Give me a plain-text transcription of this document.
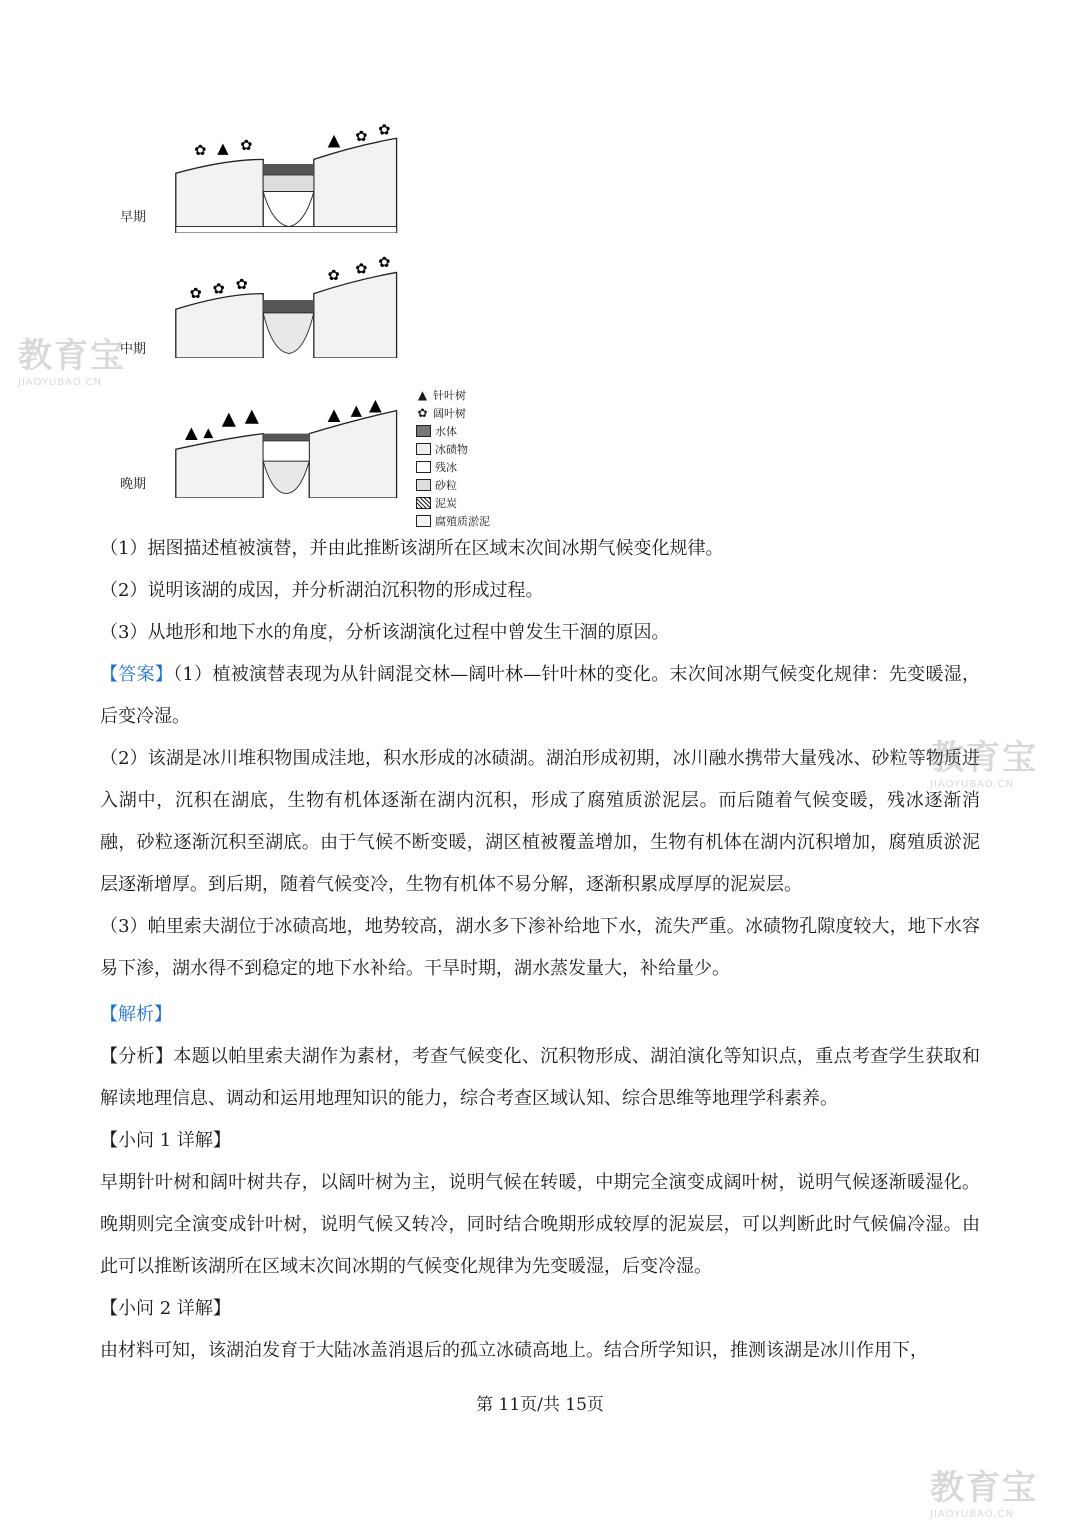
早期
✿ ▲ ✿	▲ ✿ ✿
中期
✿ ✿ ✿
✿ ✿ ✿
晚期
▲ ▲
▲ ▲	▲ ▲ ▲
▲ 针叶树
✿ 阔叶树
水体
冰碛物
残冰
砂粒
泥炭
腐殖质淤泥

（1）据图描述植被演替，并由此推断该湖所在区域末次间冰期气候变化规律。

（2）说明该湖的成因，并分析湖泊沉积物的形成过程。

（3）从地形和地下水的角度，分析该湖演化过程中曾发生干涸的原因。

【答案】（1）植被演替表现为从针阔混交林—阔叶林—针叶林的变化。末次间冰期气候变化规律：先变暖湿，后变冷湿。

（2）该湖是冰川堆积物围成洼地，积水形成的冰碛湖。湖泊形成初期，冰川融水携带大量残冰、砂粒等物质进入湖中，沉积在湖底，生物有机体逐渐在湖内沉积，形成了腐殖质淤泥层。而后随着气候变暖，残冰逐渐消融，砂粒逐渐沉积至湖底。由于气候不断变暖，湖区植被覆盖增加，生物有机体在湖内沉积增加，腐殖质淤泥层逐渐增厚。到后期，随着气候变冷，生物有机体不易分解，逐渐积累成厚厚的泥炭层。

（3）帕里索夫湖位于冰碛高地，地势较高，湖水多下渗补给地下水，流失严重。冰碛物孔隙度较大，地下水容易下渗，湖水得不到稳定的地下水补给。干旱时期，湖水蒸发量大，补给量少。

【解析】

【分析】本题以帕里索夫湖作为素材，考查气候变化、沉积物形成、湖泊演化等知识点，重点考查学生获取和解读地理信息、调动和运用地理知识的能力，综合考查区域认知、综合思维等地理学科素养。

【小问 1 详解】

早期针叶树和阔叶树共存，以阔叶树为主，说明气候在转暖，中期完全演变成阔叶树，说明气候逐渐暖湿化。晚期则完全演变成针叶树，说明气候又转冷，同时结合晚期形成较厚的泥炭层，可以判断此时气候偏冷湿。由此可以推断该湖所在区域末次间冰期的气候变化规律为先变暖湿，后变冷湿。

【小问 2 详解】

由材料可知，该湖泊发育于大陆冰盖消退后的孤立冰碛高地上。结合所学知识，推测该湖是冰川作用下，

第 11页/共 15页
教育宝
JIAOYUBAO.CN
教育宝
JIAOYUBAO.CN
教育宝
JIAOYUBAO.CN
